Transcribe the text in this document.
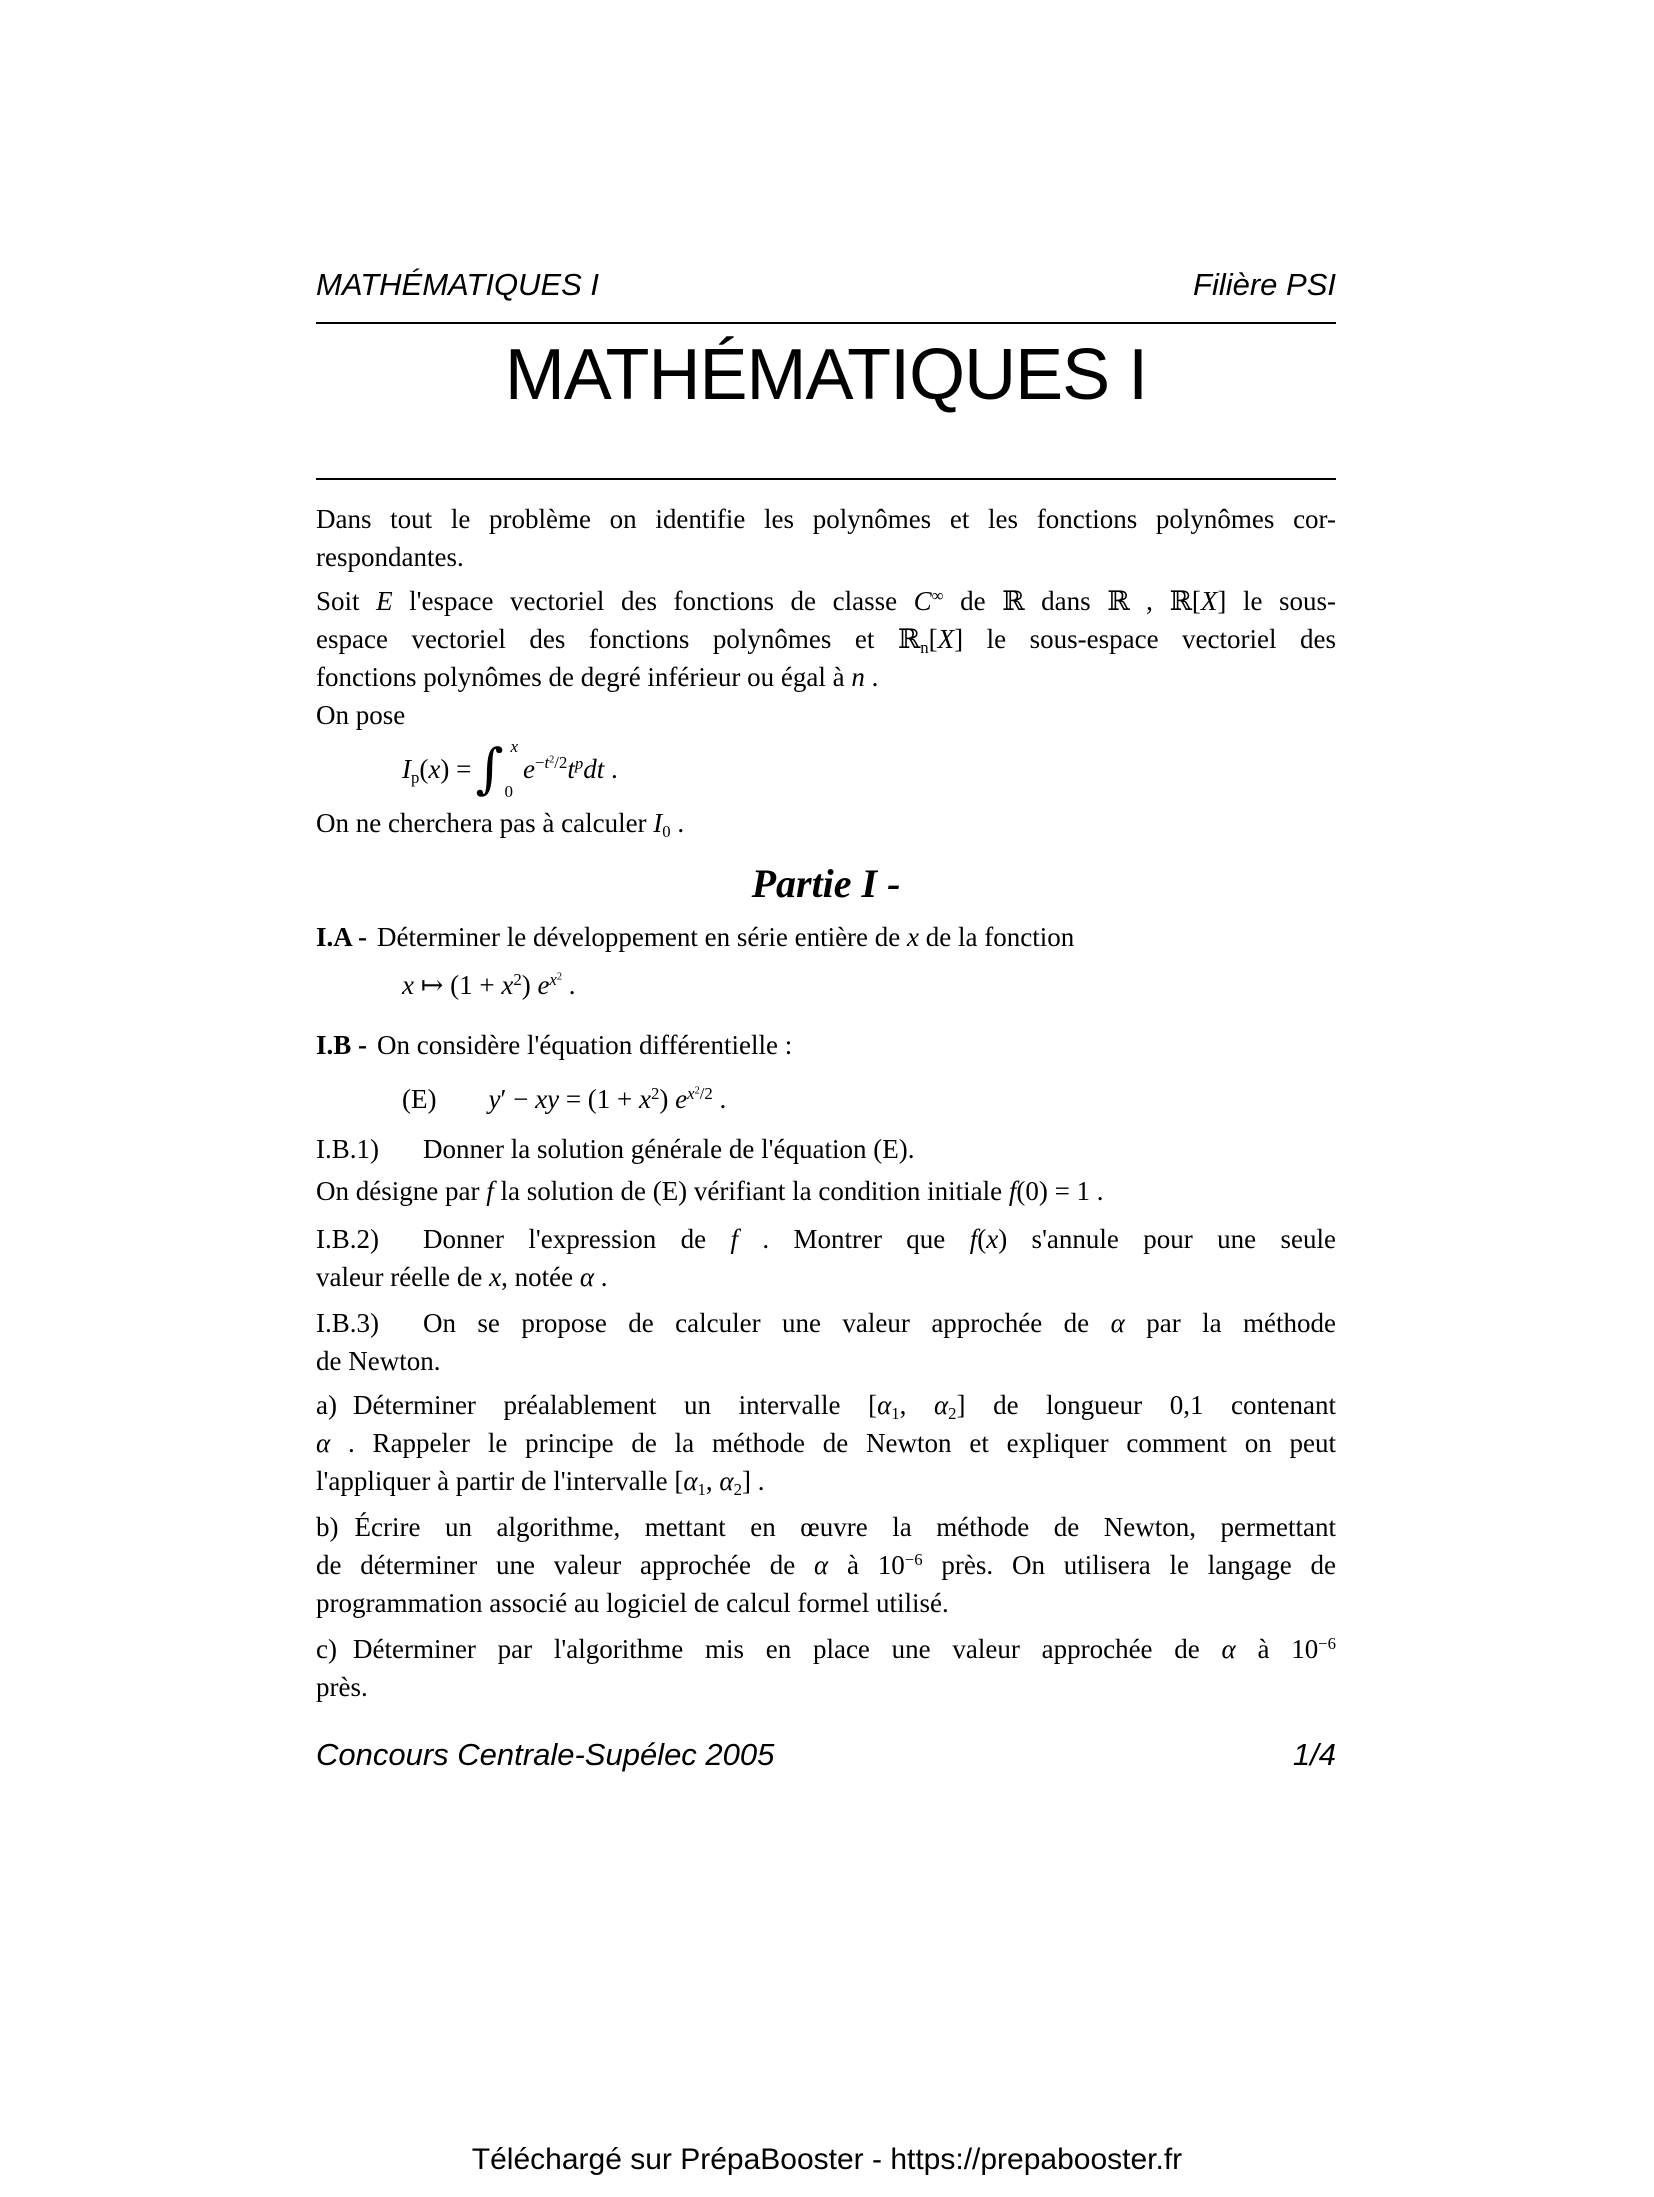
MATHÉMATIQUES I	Filière PSI
MATHÉMATIQUES I
Dans tout le problème on identifie les polynômes et les fonctions polynômes cor-
respondantes.
Soit E l'espace vectoriel des fonctions de classe C∞ de ℝ dans ℝ , ℝ[X] le sous-
espace vectoriel des fonctions polynômes et ℝ$_n$[X] le sous-espace vectoriel des
fonctions polynômes de degré inférieur ou égal à n .
On pose
$I_p(x)$ = ∫ x
0
$e^{-t^2/2}t^pdt$ .
On ne cherchera pas à calculer $I_0$ .
Partie I -
I.A - Déterminer le développement en série entière de x de la fonction
x ↦ $(1 + x^2)$ $e^{x^2}$ .
I.B - On considère l'équation différentielle :
(E) y′ − xy = $(1 + x^2)$ $e^{x^2/2}$ .
I.B.1) Donner la solution générale de l'équation (E).
On désigne par f la solution de (E) vérifiant la condition initiale f(0) = 1 .
I.B.2) Donner l'expression de f . Montrer que f(x) s'annule pour une seule
valeur réelle de x, notée α .
I.B.3) On se propose de calculer une valeur approchée de α par la méthode
de Newton.
a) Déterminer préalablement un intervalle [$\alpha_1$, $\alpha_2$] de longueur 0,1 contenant
α . Rappeler le principe de la méthode de Newton et expliquer comment on peut
l'appliquer à partir de l'intervalle [$\alpha_1$, $\alpha_2$] .
b) Écrire un algorithme, mettant en œuvre la méthode de Newton, permettant
de déterminer une valeur approchée de α à $10^{-6}$ près. On utilisera le langage de
programmation associé au logiciel de calcul formel utilisé.
c) Déterminer par l'algorithme mis en place une valeur approchée de α à $10^{-6}$
près.
Concours Centrale-Supélec 2005	1/4
Téléchargé sur PrépaBooster - https://prepabooster.fr
